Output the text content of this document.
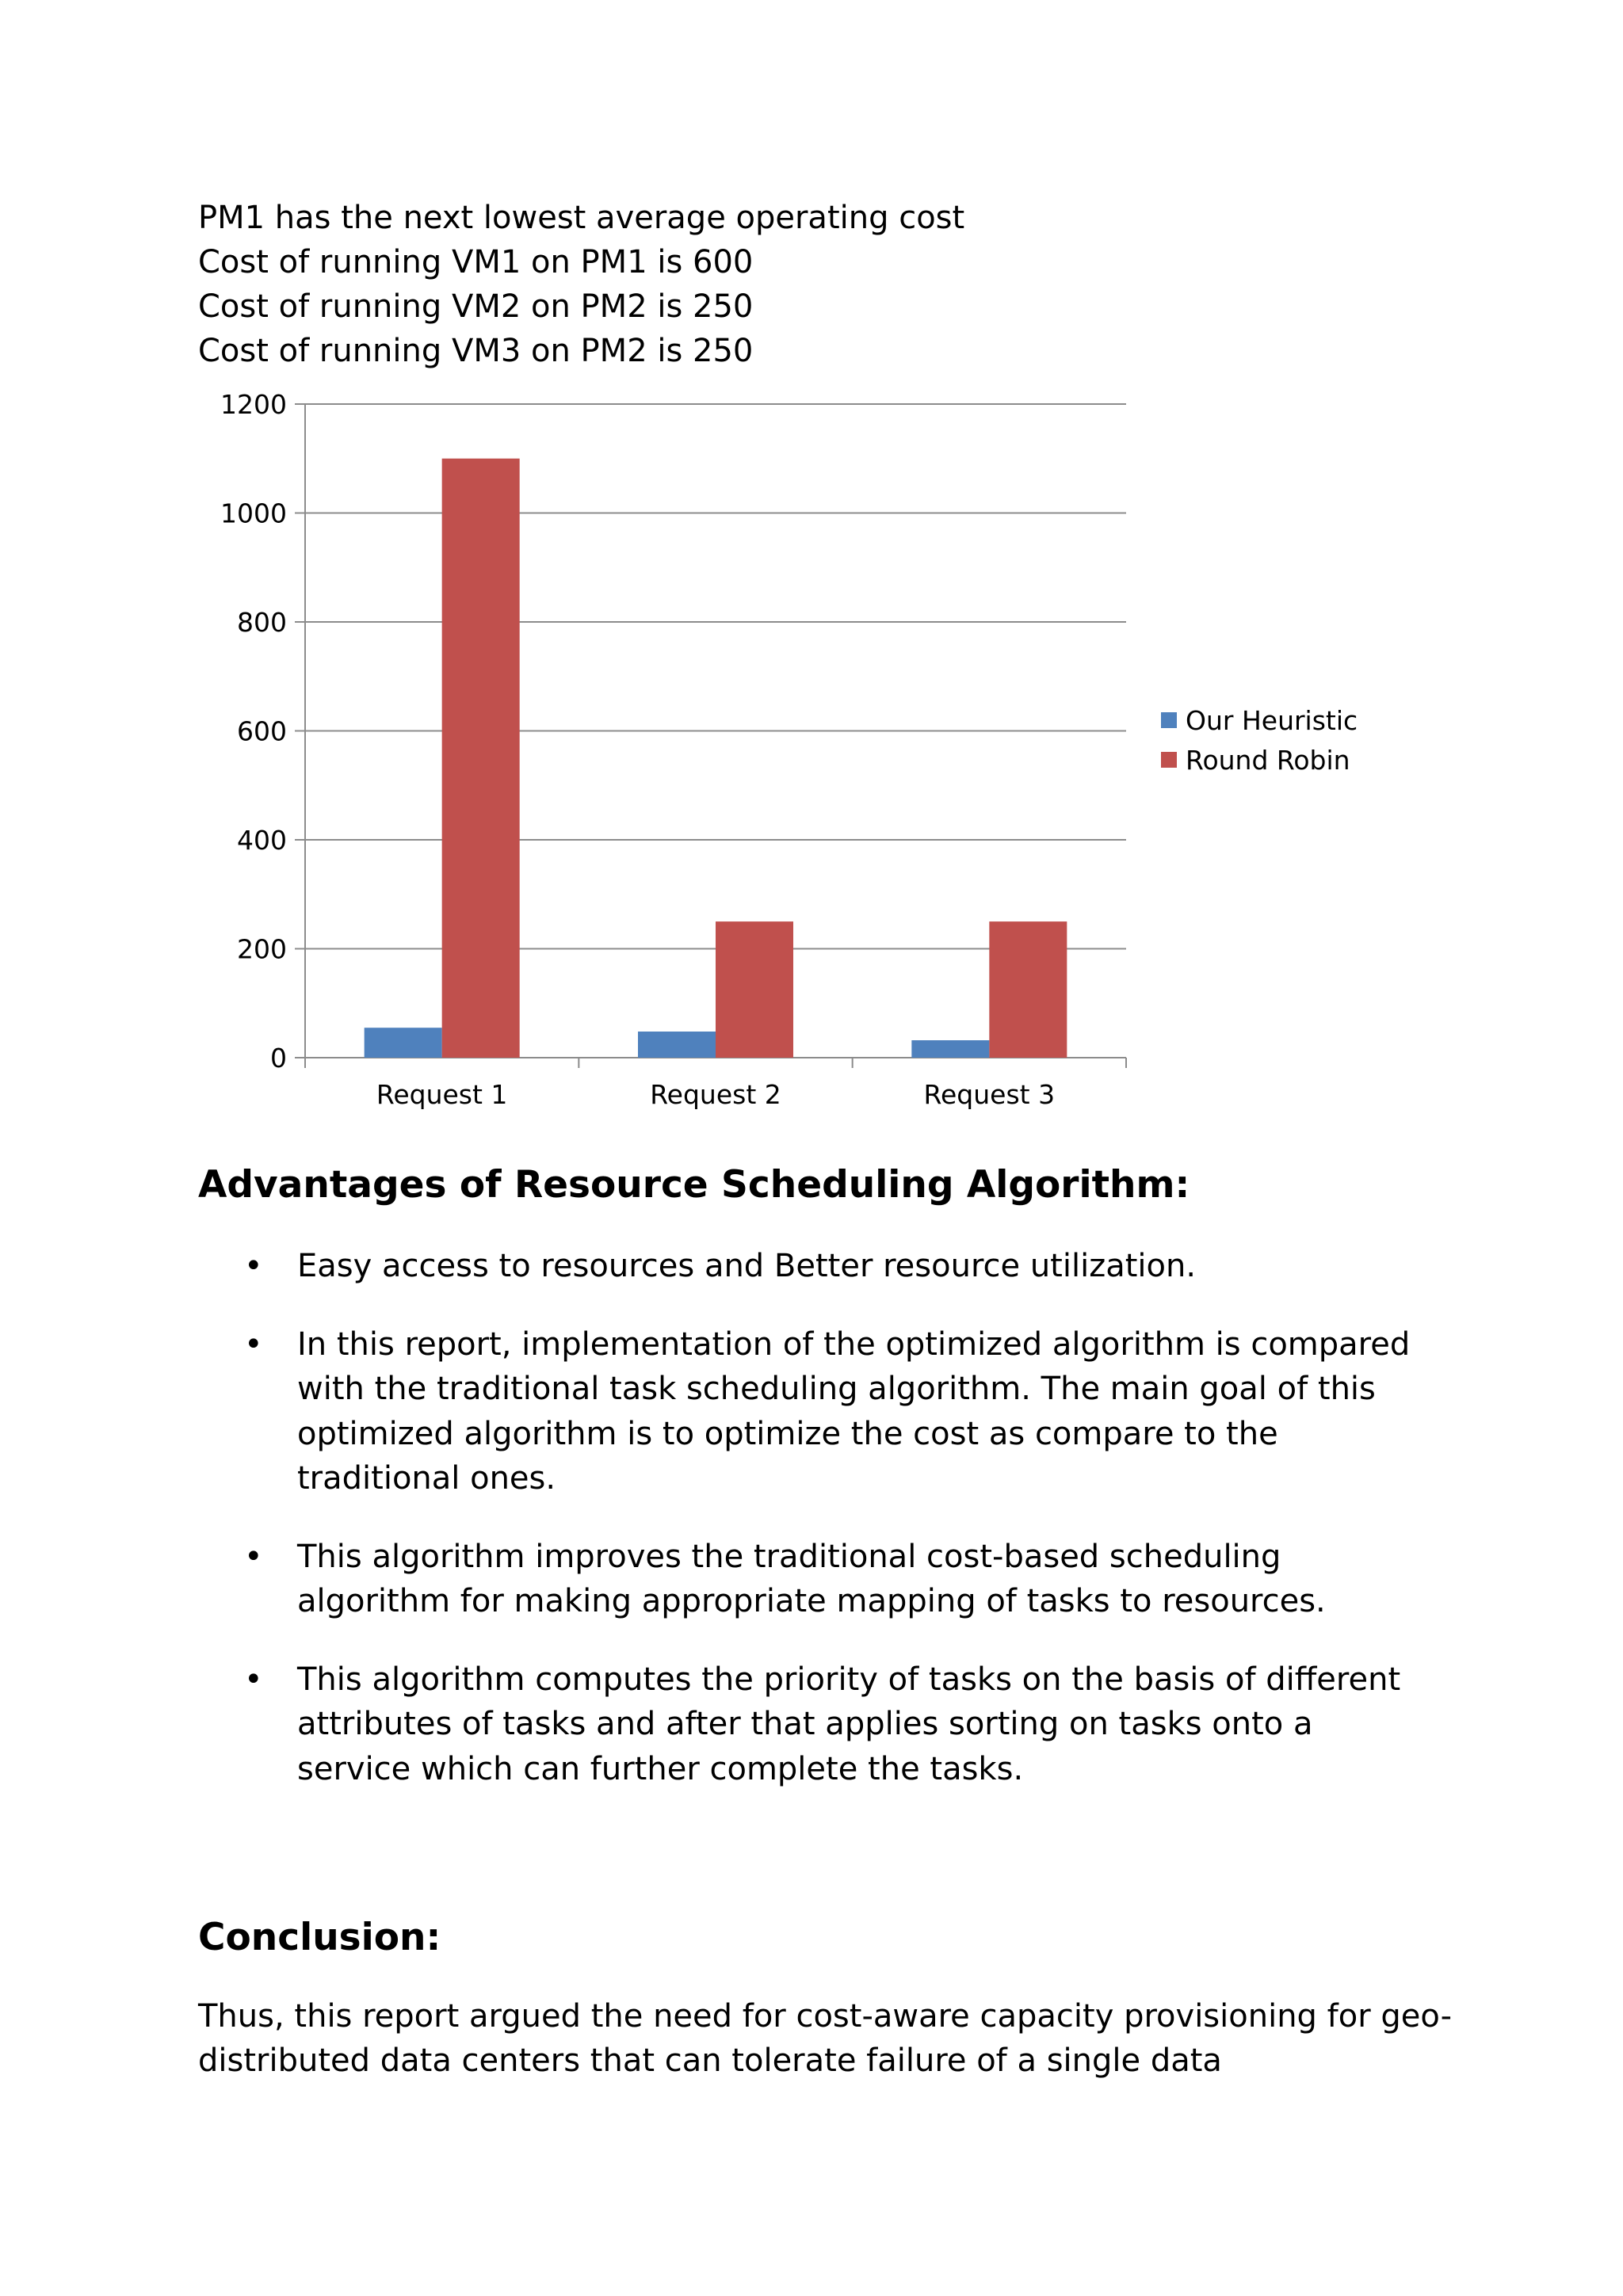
PM1 has the next lowest average operating cost
Cost of running VM1 on PM1 is 600
Cost of running VM2 on PM2 is 250
Cost of running VM3 on PM2 is 250
0
200
400
600
800
1000
1200
Request 1	Request 2	Request 3
Our Heuristic
Round Robin
Advantages of Resource Scheduling Algorithm:
• Easy access to resources and Better resource utilization.
• In this report, implementation of the optimized algorithm is compared with the traditional task scheduling algorithm. The main goal of this optimized algorithm is to optimize the cost as compare to the traditional ones.
• This algorithm improves the traditional cost-based scheduling algorithm for making appropriate mapping of tasks to resources.
• This algorithm computes the priority of tasks on the basis of different attributes of tasks and after that applies sorting on tasks onto a service which can further complete the tasks.
Conclusion:

Thus, this report argued the need for cost-aware capacity provisioning for geo-distributed data centers that can tolerate failure of a single data
